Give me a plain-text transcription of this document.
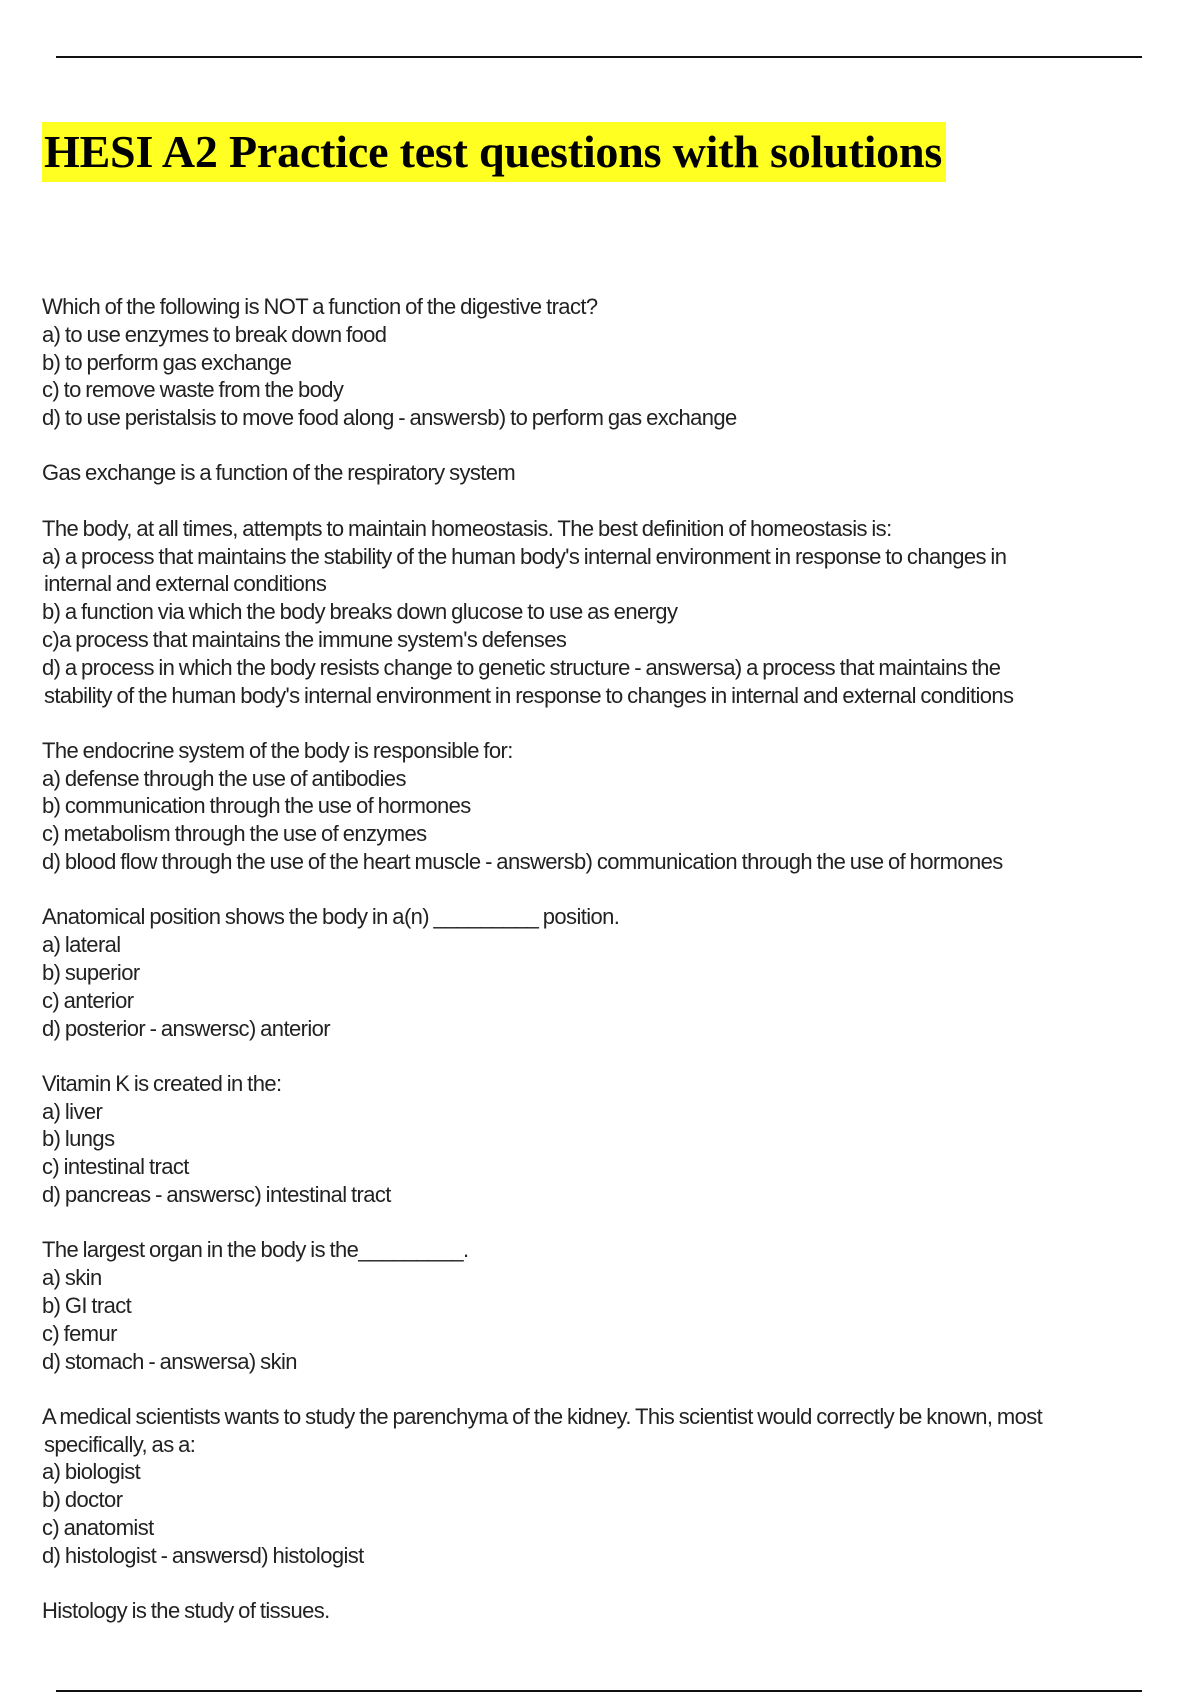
HESI A2 Practice test questions with solutions

Which of the following is NOT a function of the digestive tract?

a) to use enzymes to break down food

b) to perform gas exchange

c) to remove waste from the body

d) to use peristalsis to move food along - answersb) to perform gas exchange

Gas exchange is a function of the respiratory system

The body, at all times, attempts to maintain homeostasis. The best definition of homeostasis is:

a) a process that maintains the stability of the human body's internal environment in response to changes in

internal and external conditions

b) a function via which the body breaks down glucose to use as energy

c)a process that maintains the immune system's defenses

d) a process in which the body resists change to genetic structure - answersa) a process that maintains the

stability of the human body's internal environment in response to changes in internal and external conditions

The endocrine system of the body is responsible for:

a) defense through the use of antibodies

b) communication through the use of hormones

c) metabolism through the use of enzymes

d) blood flow through the use of the heart muscle - answersb) communication through the use of hormones

Anatomical position shows the body in a(n) _________ position.

a) lateral

b) superior

c) anterior

d) posterior - answersc) anterior

Vitamin K is created in the:

a) liver

b) lungs

c) intestinal tract

d) pancreas - answersc) intestinal tract

The largest organ in the body is the_________.

a) skin

b) GI tract

c) femur

d) stomach - answersa) skin

A medical scientists wants to study the parenchyma of the kidney. This scientist would correctly be known, most

specifically, as a:

a) biologist

b) doctor

c) anatomist

d) histologist - answersd) histologist

Histology is the study of tissues.
